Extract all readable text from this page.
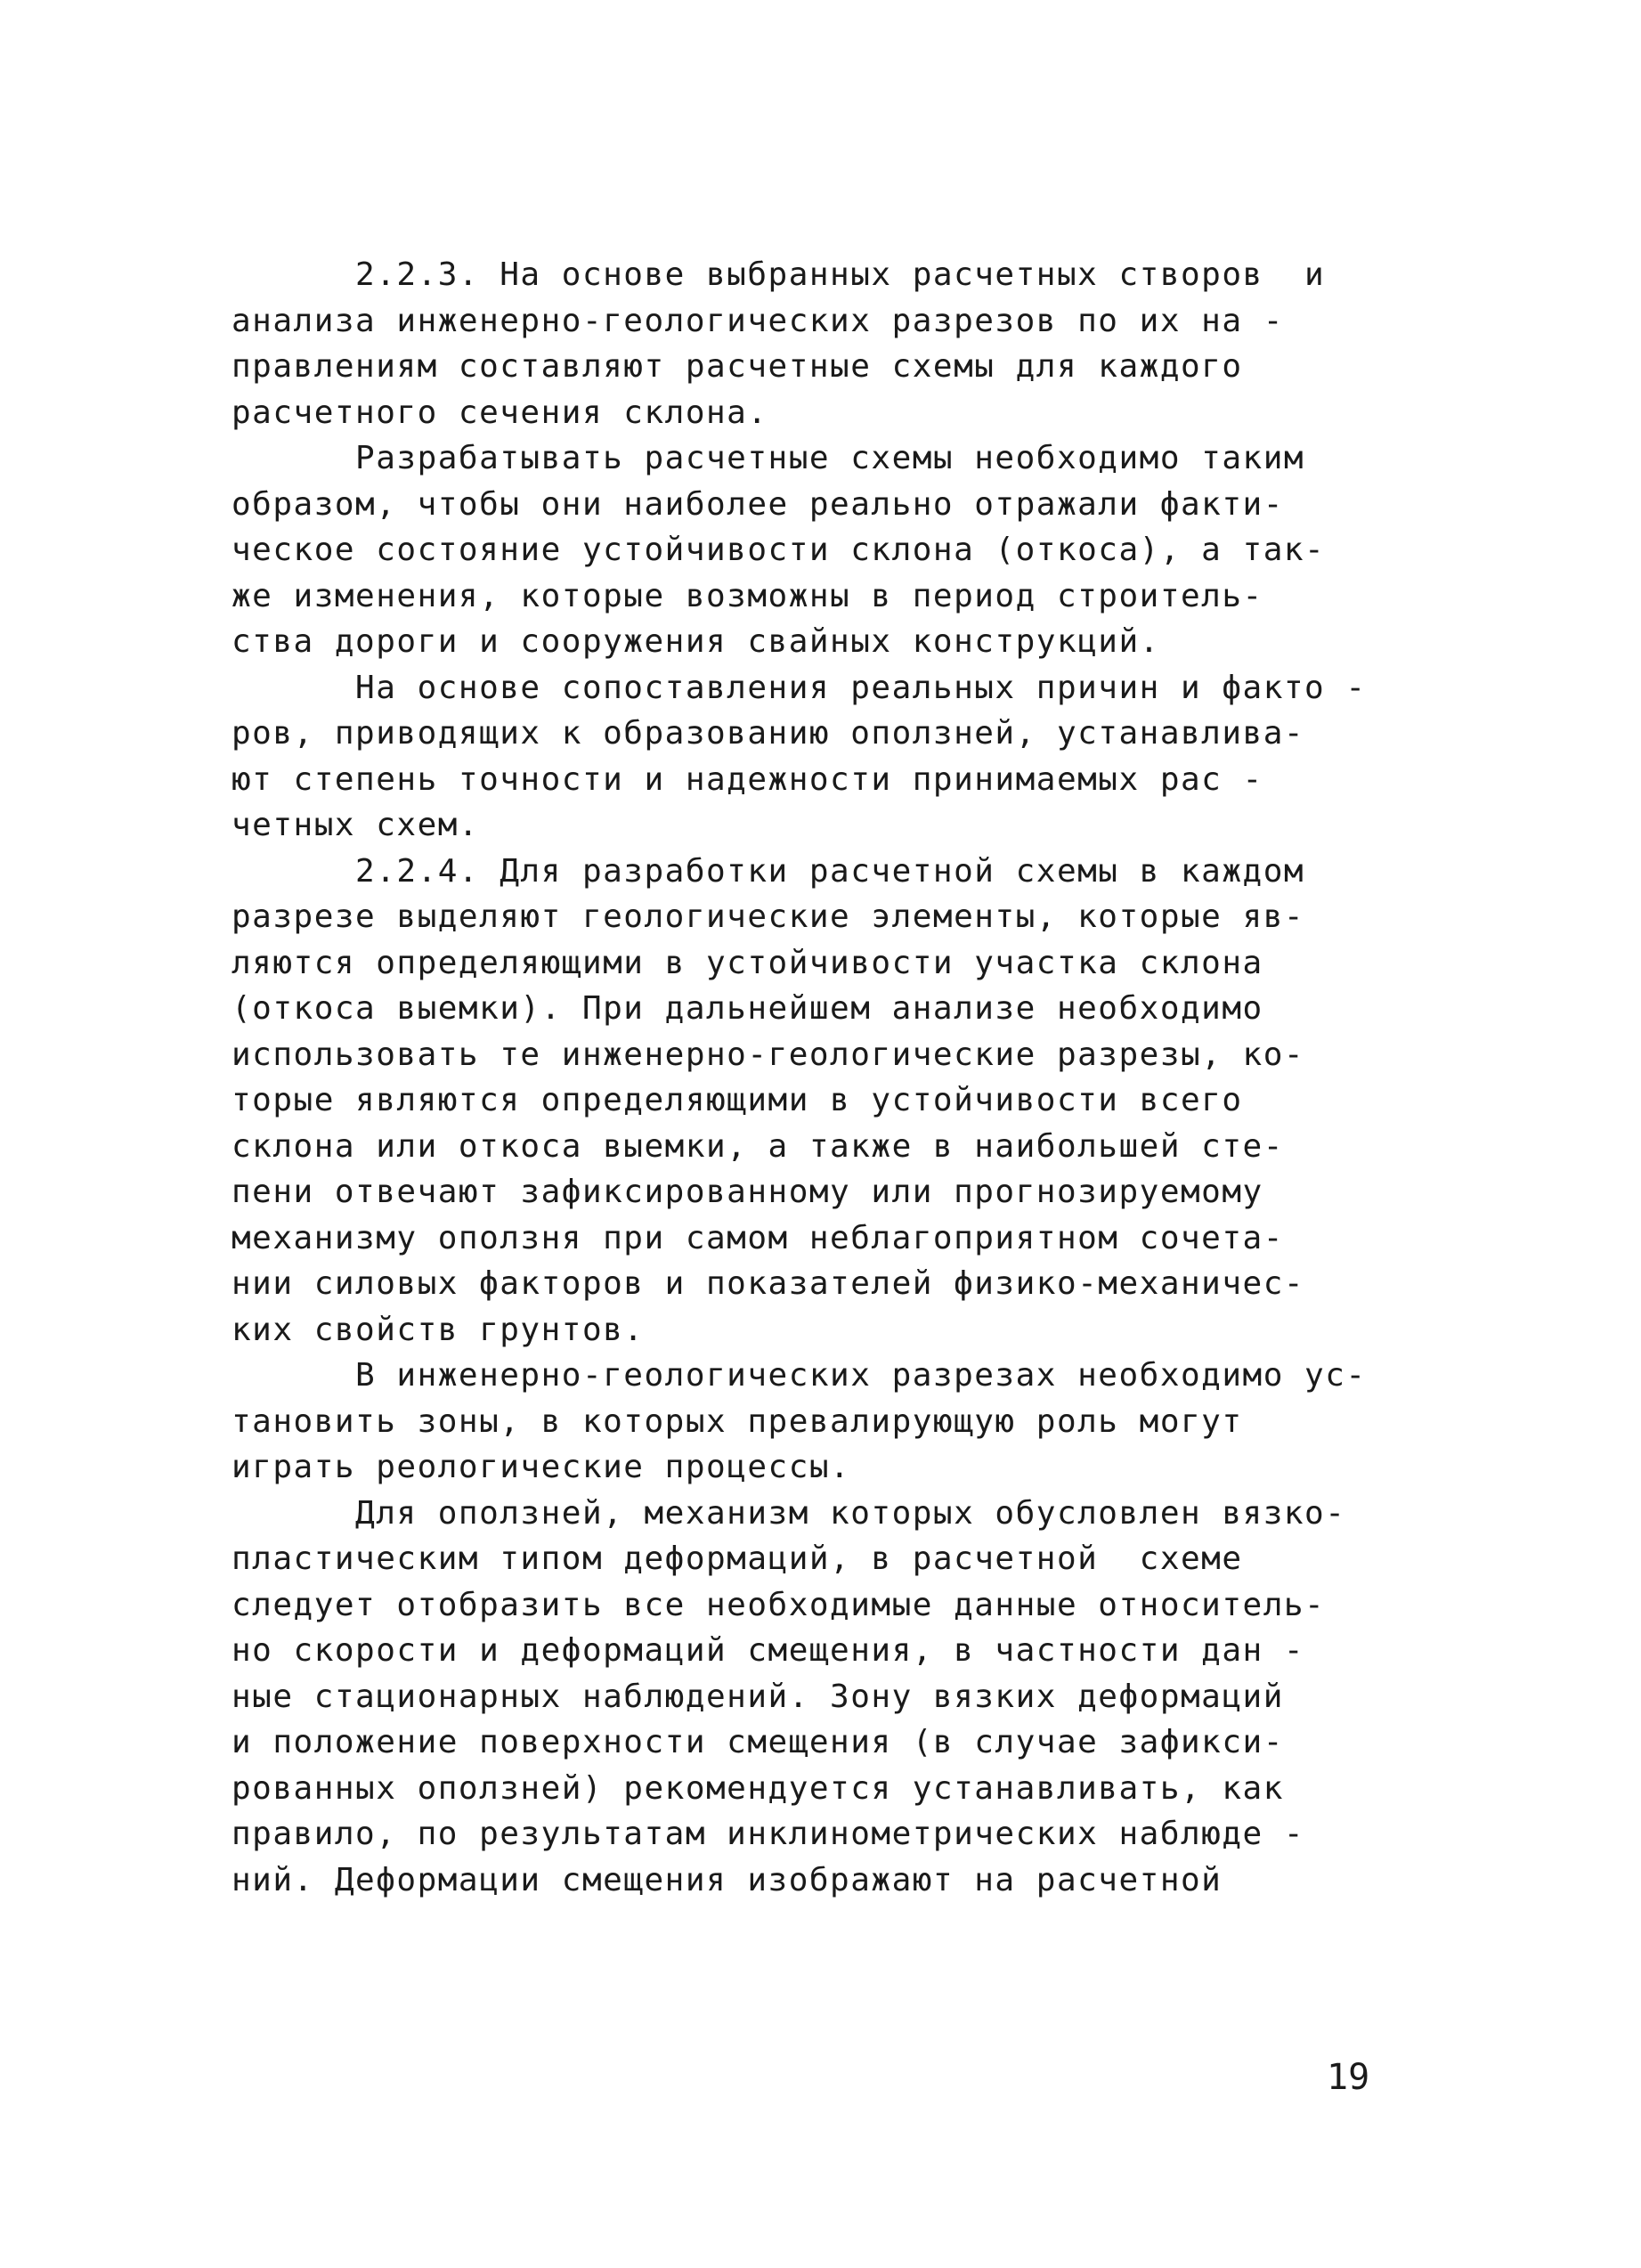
2.2.3. На основе выбранных расчетных створов  и
анализа инженерно-геологических разрезов по их на -
правлениям составляют расчетные схемы для каждого
расчетного сечения склона.
Разрабатывать расчетные схемы необходимо таким
образом, чтобы они наиболее реально отражали факти-
ческое состояние устойчивости склона (откоса), а так-
же изменения, которые возможны в период строитель-
ства дороги и сооружения свайных конструкций.
На основе сопоставления реальных причин и факто -
ров, приводящих к образованию оползней, устанавлива-
ют степень точности и надежности принимаемых рас -
четных схем.
2.2.4. Для разработки расчетной схемы в каждом
разрезе выделяют геологические элементы, которые яв-
ляются определяющими в устойчивости участка склона
(откоса выемки). При дальнейшем анализе необходимо
использовать те инженерно-геологические разрезы, ко-
торые являются определяющими в устойчивости всего
склона или откоса выемки, а также в наибольшей сте-
пени отвечают зафиксированному или прогнозируемому
механизму оползня при самом неблагоприятном сочета-
нии силовых факторов и показателей физико-механичес-
ких свойств грунтов.
В инженерно-геологических разрезах необходимо ус-
тановить зоны, в которых превалирующую роль могут
играть реологические процессы.
Для оползней, механизм которых обусловлен вязко-
пластическим типом деформаций, в расчетной  схеме
следует отобразить все необходимые данные относитель-
но скорости и деформаций смещения, в частности дан -
ные стационарных наблюдений. Зону вязких деформаций
и положение поверхности смещения (в случае зафикси-
рованных оползней) рекомендуется устанавливать, как
правило, по результатам инклинометрических наблюде -
ний. Деформации смещения изображают на расчетной
19
